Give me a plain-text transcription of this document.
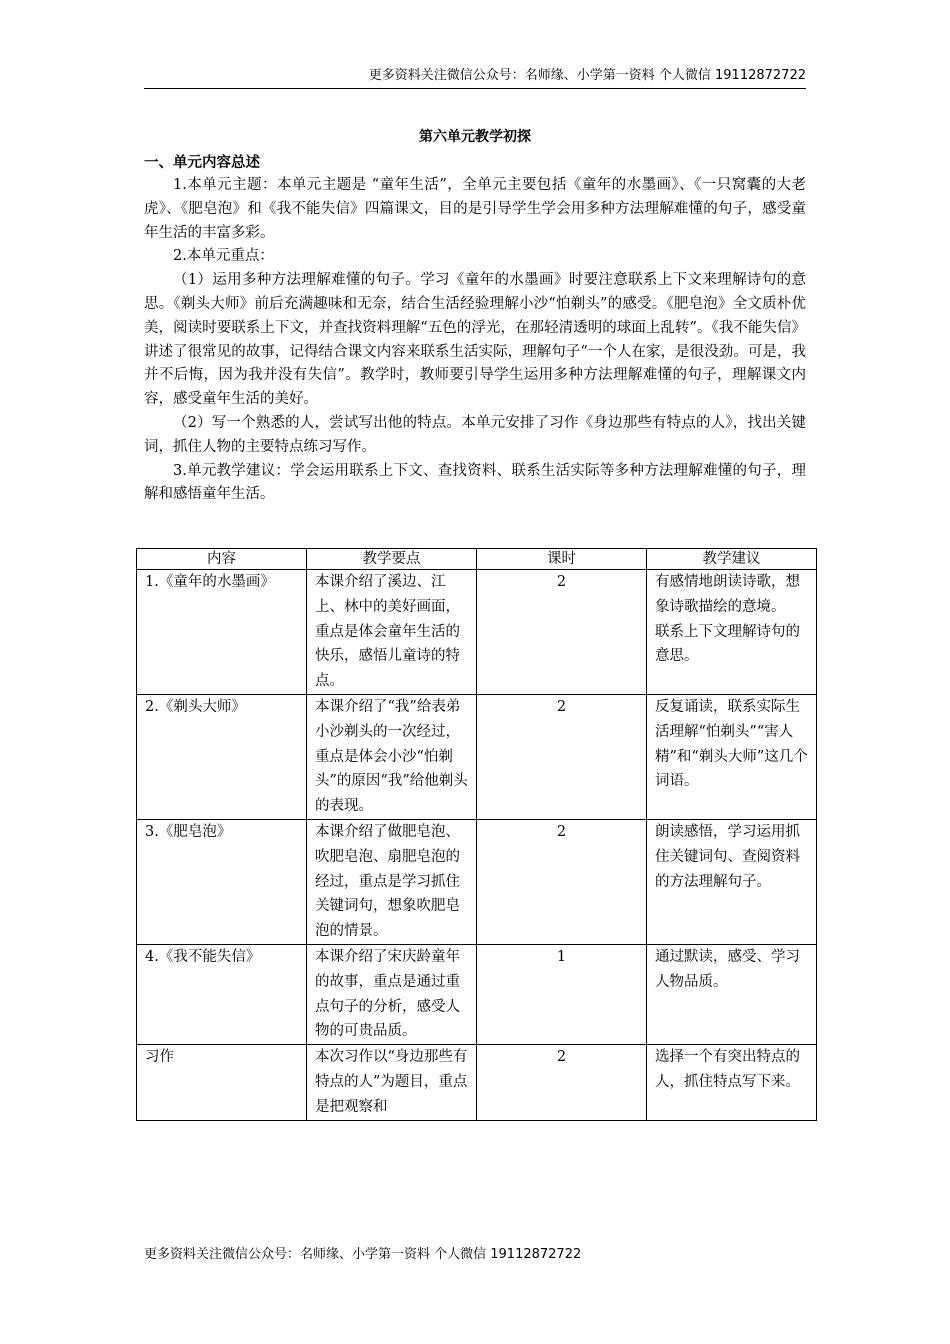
更多资料关注微信公众号：名师缘、小学第一资料 个人微信 19112872722
第六单元教学初探
一、单元内容总述

1.本单元主题：本单元主题是 “童年生活”，全单元主要包括《童年的水墨画》、《一只窝囊的大老虎》、《肥皂泡》和《我不能失信》四篇课文，目的是引导学生学会用多种方法理解难懂的句子，感受童年生活的丰富多彩。

2.本单元重点：

（1）运用多种方法理解难懂的句子。学习《童年的水墨画》时要注意联系上下文来理解诗句的意思。《剃头大师》前后充满趣味和无奈，结合生活经验理解小沙“怕剃头”的感受。《肥皂泡》全文质朴优美，阅读时要联系上下文，并查找资料理解“五色的浮光，在那轻清透明的球面上乱转”。《我不能失信》讲述了很常见的故事，记得结合课文内容来联系生活实际，理解句子“一个人在家，是很没劲。可是，我并不后悔，因为我并没有失信”。教学时，教师要引导学生运用多种方法理解难懂的句子，理解课文内容，感受童年生活的美好。

（2）写一个熟悉的人，尝试写出他的特点。本单元安排了习作《身边那些有特点的人》，找出关键词，抓住人物的主要特点练习写作。

3.单元教学建议：学会运用联系上下文、查找资料、联系生活实际等多种方法理解难懂的句子，理解和感悟童年生活。

内容	教学要点	课时	教学建议
1.《童年的水墨画》	本课介绍了溪边、江上、林中的美好画面，重点是体会童年生活的快乐，感悟儿童诗的特点。	2	有感情地朗读诗歌，想象诗歌描绘的意境。
联系上下文理解诗句的意思。

2.《剃头大师》	本课介绍了“我”给表弟小沙剃头的一次经过，重点是体会小沙“怕剃头”的原因“我”给他剃头的表现。	2	反复诵读，联系实际生活理解“怕剃头”“害人精”和“剃头大师”这几个词语。
3.《肥皂泡》	本课介绍了做肥皂泡、吹肥皂泡、扇肥皂泡的经过，重点是学习抓住关键词句，想象吹肥皂泡的情景。	2	朗读感悟，学习运用抓住关键词句、查阅资料的方法理解句子。
4.《我不能失信》	本课介绍了宋庆龄童年的故事，重点是通过重点句子的分析，感受人物的可贵品质。	1	通过默读，感受、学习人物品质。
习作	本次习作以“身边那些有特点的人”为题目，重点是把观察和	2	选择一个有突出特点的人，抓住特点写下来。
更多资料关注微信公众号：名师缘、小学第一资料 个人微信 19112872722
